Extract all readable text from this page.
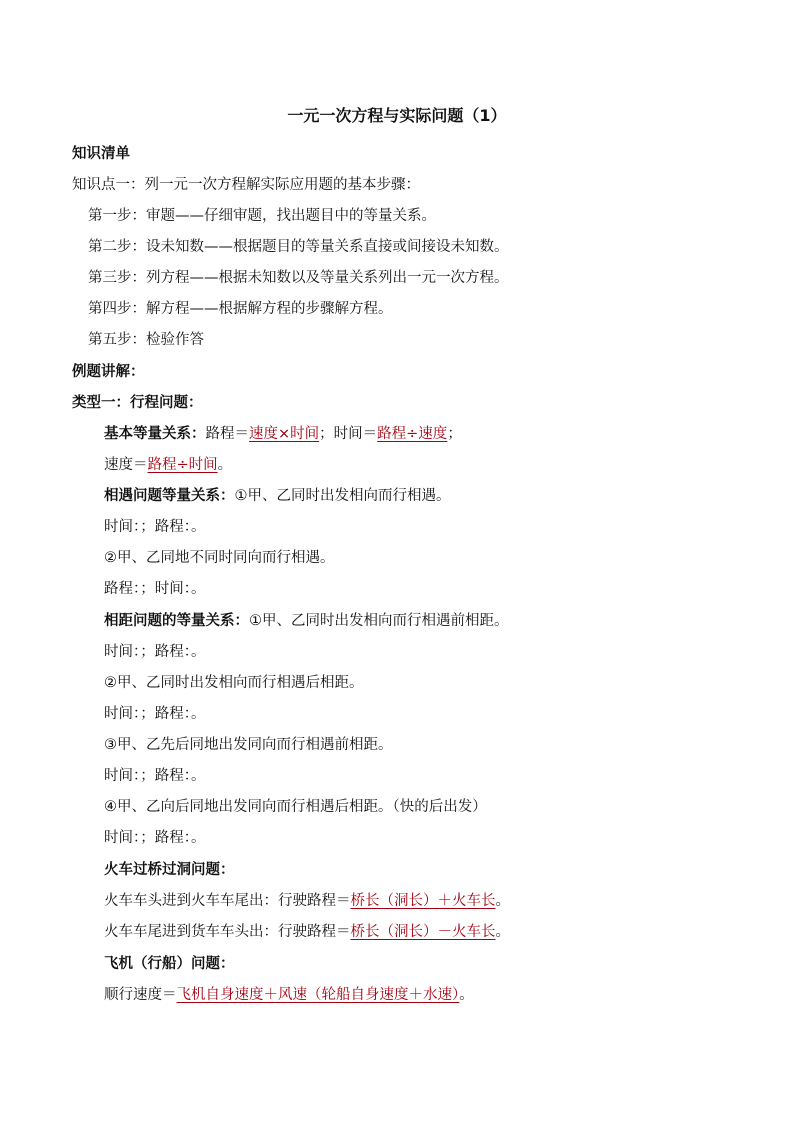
一元一次方程与实际问题（1）
知识清单
知识点一：列一元一次方程解实际应用题的基本步骤：
第一步：审题——仔细审题，找出题目中的等量关系。
第二步：设未知数——根据题目的等量关系直接或间接设未知数。
第三步：列方程——根据未知数以及等量关系列出一元一次方程。
第四步：解方程——根据解方程的步骤解方程。
第五步：检验作答
例题讲解：
类型一：行程问题：
基本等量关系：路程＝速度×时间；时间＝路程÷速度；
速度＝路程÷时间。
相遇问题等量关系：①甲、乙同时出发相向而行相遇。
时间：；路程：。
②甲、乙同地不同时同向而行相遇。
路程：；时间：。
相距问题的等量关系：①甲、乙同时出发相向而行相遇前相距。
时间：；路程：。
②甲、乙同时出发相向而行相遇后相距。
时间：；路程：。
③甲、乙先后同地出发同向而行相遇前相距。
时间：；路程：。
④甲、乙向后同地出发同向而行相遇后相距。（快的后出发）
时间：；路程：。
火车过桥过洞问题：
火车车头进到火车车尾出：行驶路程＝桥长（洞长）＋火车长。
火车车尾进到货车车头出：行驶路程＝桥长（洞长）－火车长。
飞机（行船）问题：
顺行速度＝飞机自身速度＋风速（轮船自身速度＋水速）。
